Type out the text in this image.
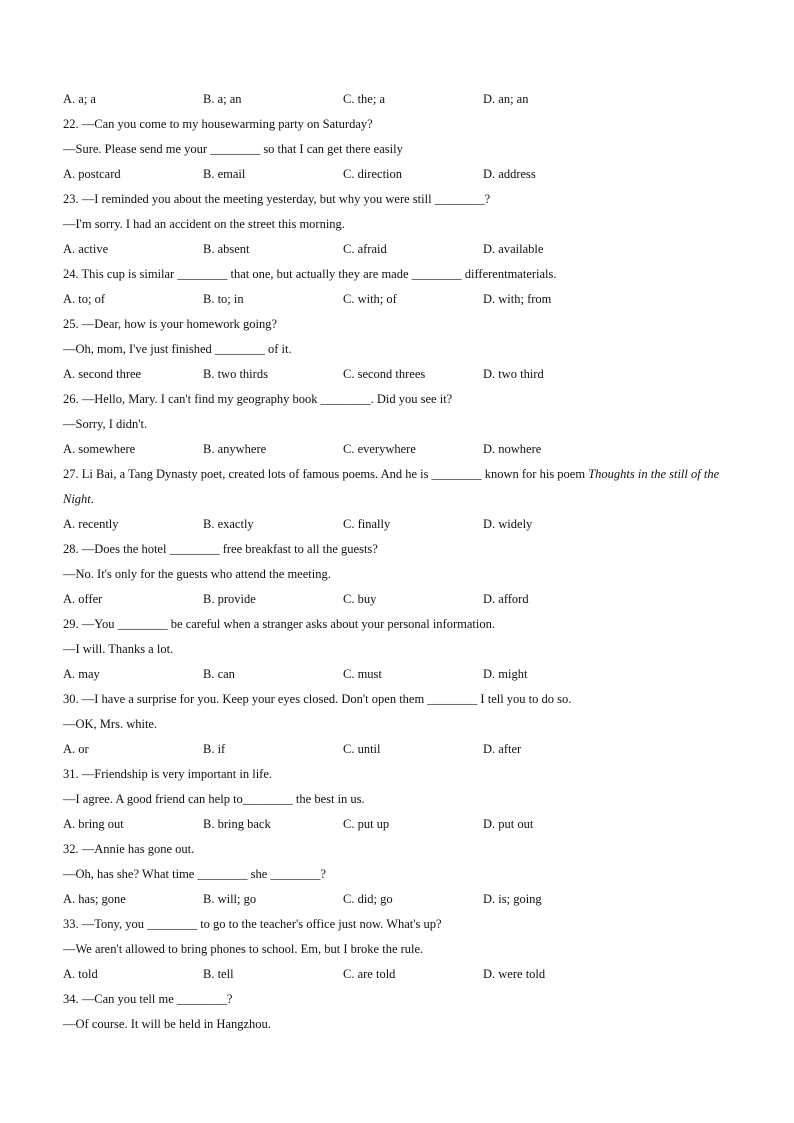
A. a; a	B. a; an	C. the; a	D. an; an
22. —Can you come to my housewarming party on Saturday?
—Sure. Please send me your ________ so that I can get there easily
A. postcard	B. email	C. direction	D. address
23. —I reminded you about the meeting yesterday, but why you were still ________?
—I'm sorry. I had an accident on the street this morning.
A. active	B. absent	C. afraid	D. available
24. This cup is similar ________ that one, but actually they are made ________ differentmaterials.
A. to; of	B. to; in	C. with; of	D. with; from
25. —Dear, how is your homework going?
—Oh, mom, I've just finished ________ of it.
A. second three	B. two thirds	C. second threes	D. two third
26. —Hello, Mary. I can't find my geography book ________. Did you see it?
—Sorry, I didn't.
A. somewhere	B. anywhere	C. everywhere	D. nowhere
27. Li Bai, a Tang Dynasty poet, created lots of famous poems. And he is ________ known for his poem Thoughts in the still of the Night.
A. recently	B. exactly	C. finally	D. widely
28. —Does the hotel ________ free breakfast to all the guests?
—No. It's only for the guests who attend the meeting.
A. offer	B. provide	C. buy	D. afford
29. —You ________ be careful when a stranger asks about your personal information.
—I will. Thanks a lot.
A. may	B. can	C. must	D. might
30. —I have a surprise for you. Keep your eyes closed. Don't open them ________ I tell you to do so.
—OK, Mrs. white.
A. or	B. if	C. until	D. after
31. —Friendship is very important in life.
—I agree. A good friend can help to________ the best in us.
A. bring out	B. bring back	C. put up	D. put out
32. —Annie has gone out.
—Oh, has she? What time ________ she ________?
A. has; gone	B. will; go	C. did; go	D. is; going
33. —Tony, you ________ to go to the teacher's office just now. What's up?
—We aren't allowed to bring phones to school. Em, but I broke the rule.
A. told	B. tell	C. are told	D. were told
34. —Can you tell me ________?
—Of course. It will be held in Hangzhou.
